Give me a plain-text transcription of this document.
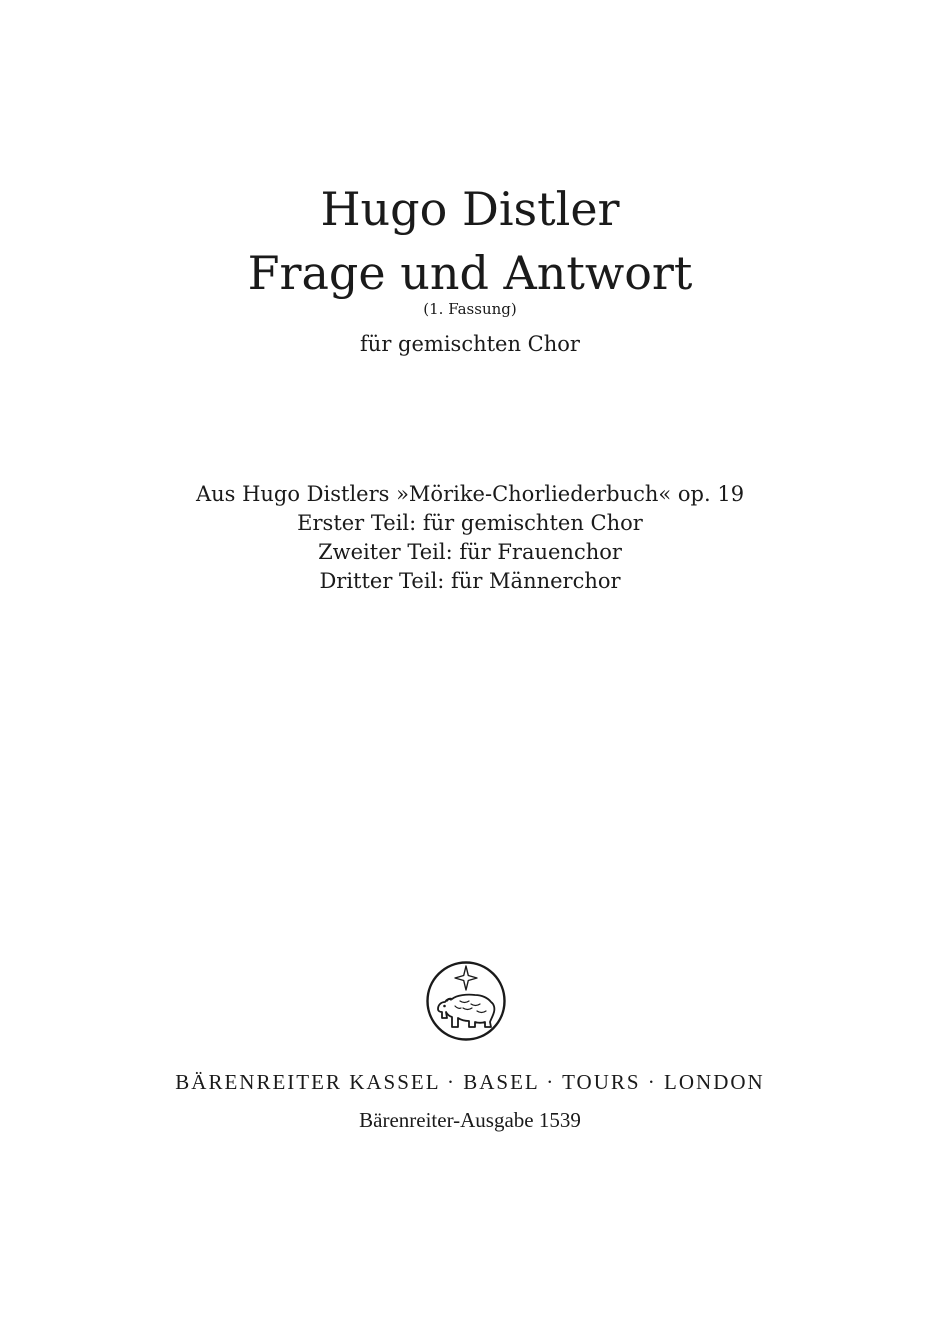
Hugo Distler
Frage und Antwort
(1. Fassung)
für gemischten Chor
Aus Hugo Distlers »Mörike-Chorliederbuch« op. 19
Erster Teil: für gemischten Chor
Zweiter Teil: für Frauenchor
Dritter Teil: für Männerchor
BÄRENREITER KASSEL · BASEL · TOURS · LONDON
Bärenreiter-Ausgabe 1539
